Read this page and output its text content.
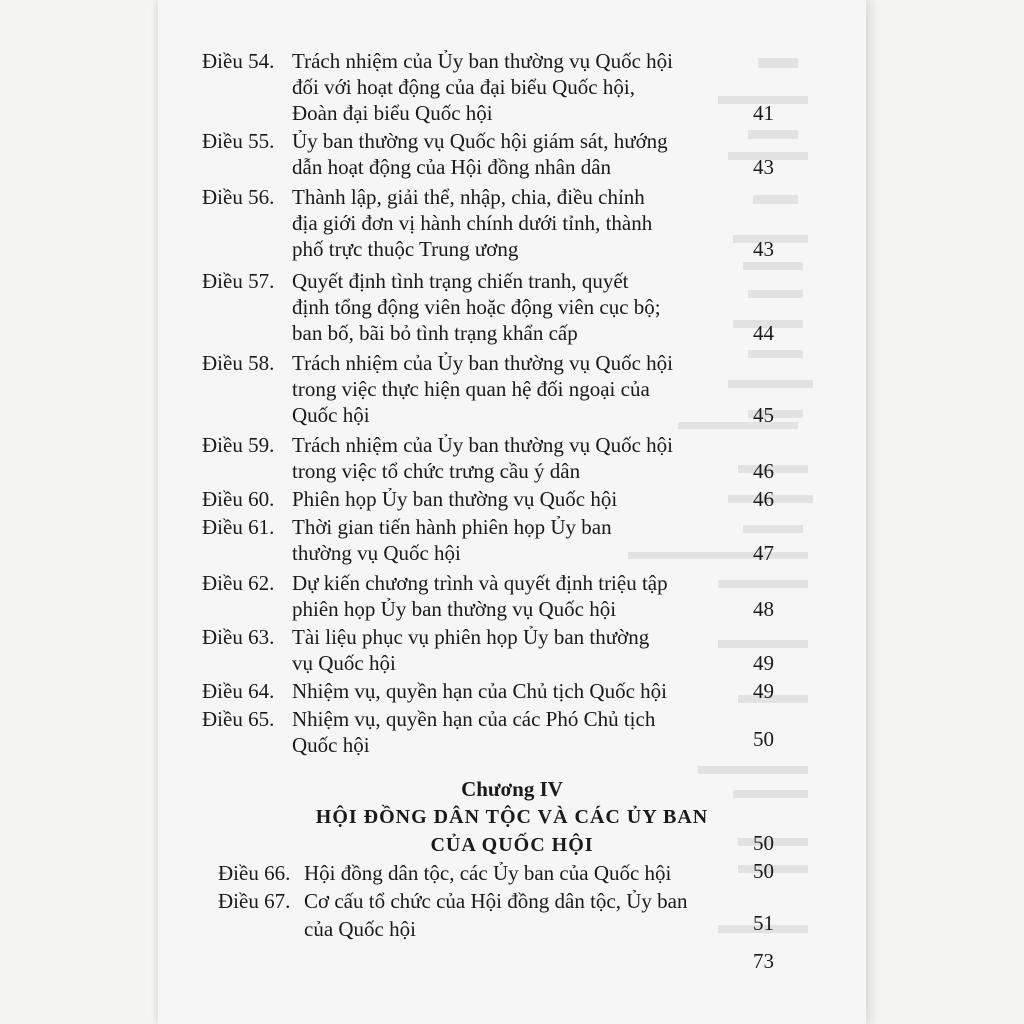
Điều 54. Trách nhiệm của Ủy ban thường vụ Quốc hội
đối với hoạt động của đại biểu Quốc hội,
Đoàn đại biểu Quốc hội	41
Điều 55. Ủy ban thường vụ Quốc hội giám sát, hướng
dẫn hoạt động của Hội đồng nhân dân	43
Điều 56. Thành lập, giải thể, nhập, chia, điều chỉnh
địa giới đơn vị hành chính dưới tỉnh, thành
phố trực thuộc Trung ương	43
Điều 57. Quyết định tình trạng chiến tranh, quyết
định tổng động viên hoặc động viên cục bộ;
ban bố, bãi bỏ tình trạng khẩn cấp	44
Điều 58. Trách nhiệm của Ủy ban thường vụ Quốc hội
trong việc thực hiện quan hệ đối ngoại của
Quốc hội	45
Điều 59. Trách nhiệm của Ủy ban thường vụ Quốc hội
trong việc tổ chức trưng cầu ý dân	46
Điều 60. Phiên họp Ủy ban thường vụ Quốc hội	46
Điều 61. Thời gian tiến hành phiên họp Ủy ban
thường vụ Quốc hội	47
Điều 62. Dự kiến chương trình và quyết định triệu tập
phiên họp Ủy ban thường vụ Quốc hội	48
Điều 63. Tài liệu phục vụ phiên họp Ủy ban thường
vụ Quốc hội	49
Điều 64. Nhiệm vụ, quyền hạn của Chủ tịch Quốc hội	49
Điều 65. Nhiệm vụ, quyền hạn của các Phó Chủ tịch
Quốc hội	50
Chương IV
HỘI ĐỒNG DÂN TỘC VÀ CÁC ỦY BAN
CỦA QUỐC HỘI	50
Điều 66. Hội đồng dân tộc, các Ủy ban của Quốc hội	50
Điều 67. Cơ cấu tổ chức của Hội đồng dân tộc, Ủy ban
của Quốc hội	51
73
